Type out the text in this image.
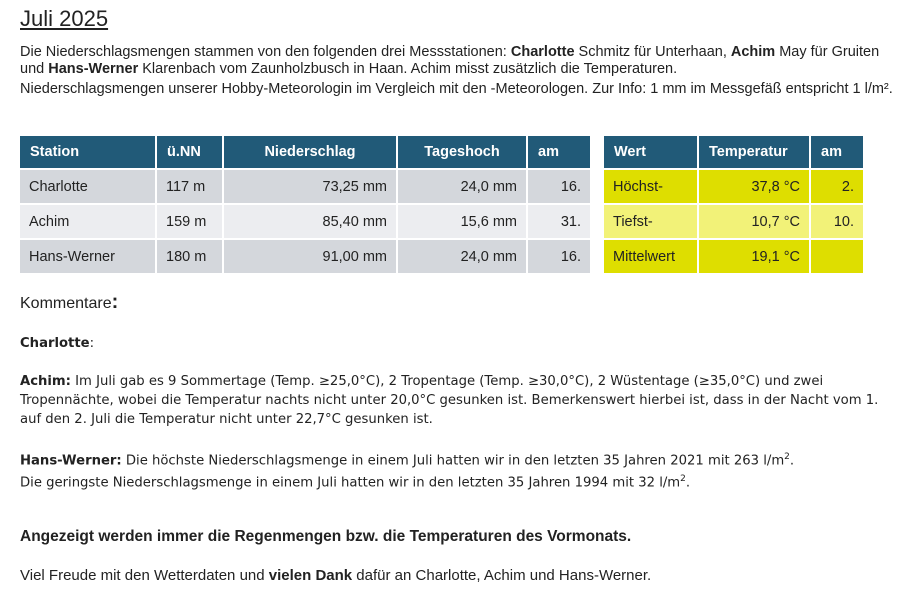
Juli 2025

Die Niederschlagsmengen stammen von den folgenden drei Messstationen: Charlotte Schmitz für Unterhaan, Achim May für Gruiten und Hans-Werner Klarenbach vom Zaunholzbusch in Haan. Achim misst zusätzlich die Temperaturen.

Niederschlagsmengen unserer Hobby-Meteorologin im Vergleich mit den -Meteorologen. Zur Info: 1 mm im Messgefäß entspricht 1 l/m².

Station	ü.NN	Niederschlag	Tageshoch	am
Charlotte	117 m	73,25 mm	24,0 mm	16.
Achim	159 m	85,40 mm	15,6 mm	31.
Hans-Werner	180 m	91,00 mm	24,0 mm	16.
Wert	Temperatur	am
Höchst-	37,8 °C	2.
Tiefst-	10,7 °C	10.
Mittelwert	19,1 °C	
Kommentare:
Charlotte:
Achim: Im Juli gab es 9 Sommertage (Temp. ≥25,0°C), 2 Tropentage (Temp. ≥30,0°C), 2 Wüstentage (≥35,0°C) und zwei Tropennächte, wobei die Temperatur nachts nicht unter 20,0°C gesunken ist. Bemerkenswert hierbei ist, dass in der Nacht vom 1. auf den 2. Juli die Temperatur nicht unter 22,7°C gesunken ist.
Hans-Werner: Die höchste Niederschlagsmenge in einem Juli hatten wir in den letzten 35 Jahren 2021 mit 263 $l/m^2$.
Die geringste Niederschlagsmenge in einem Juli hatten wir in den letzten 35 Jahren 1994 mit 32 $l/m^2$.
Angezeigt werden immer die Regenmengen bzw. die Temperaturen des Vormonats.
Viel Freude mit den Wetterdaten und vielen Dank dafür an Charlotte, Achim und Hans-Werner.
